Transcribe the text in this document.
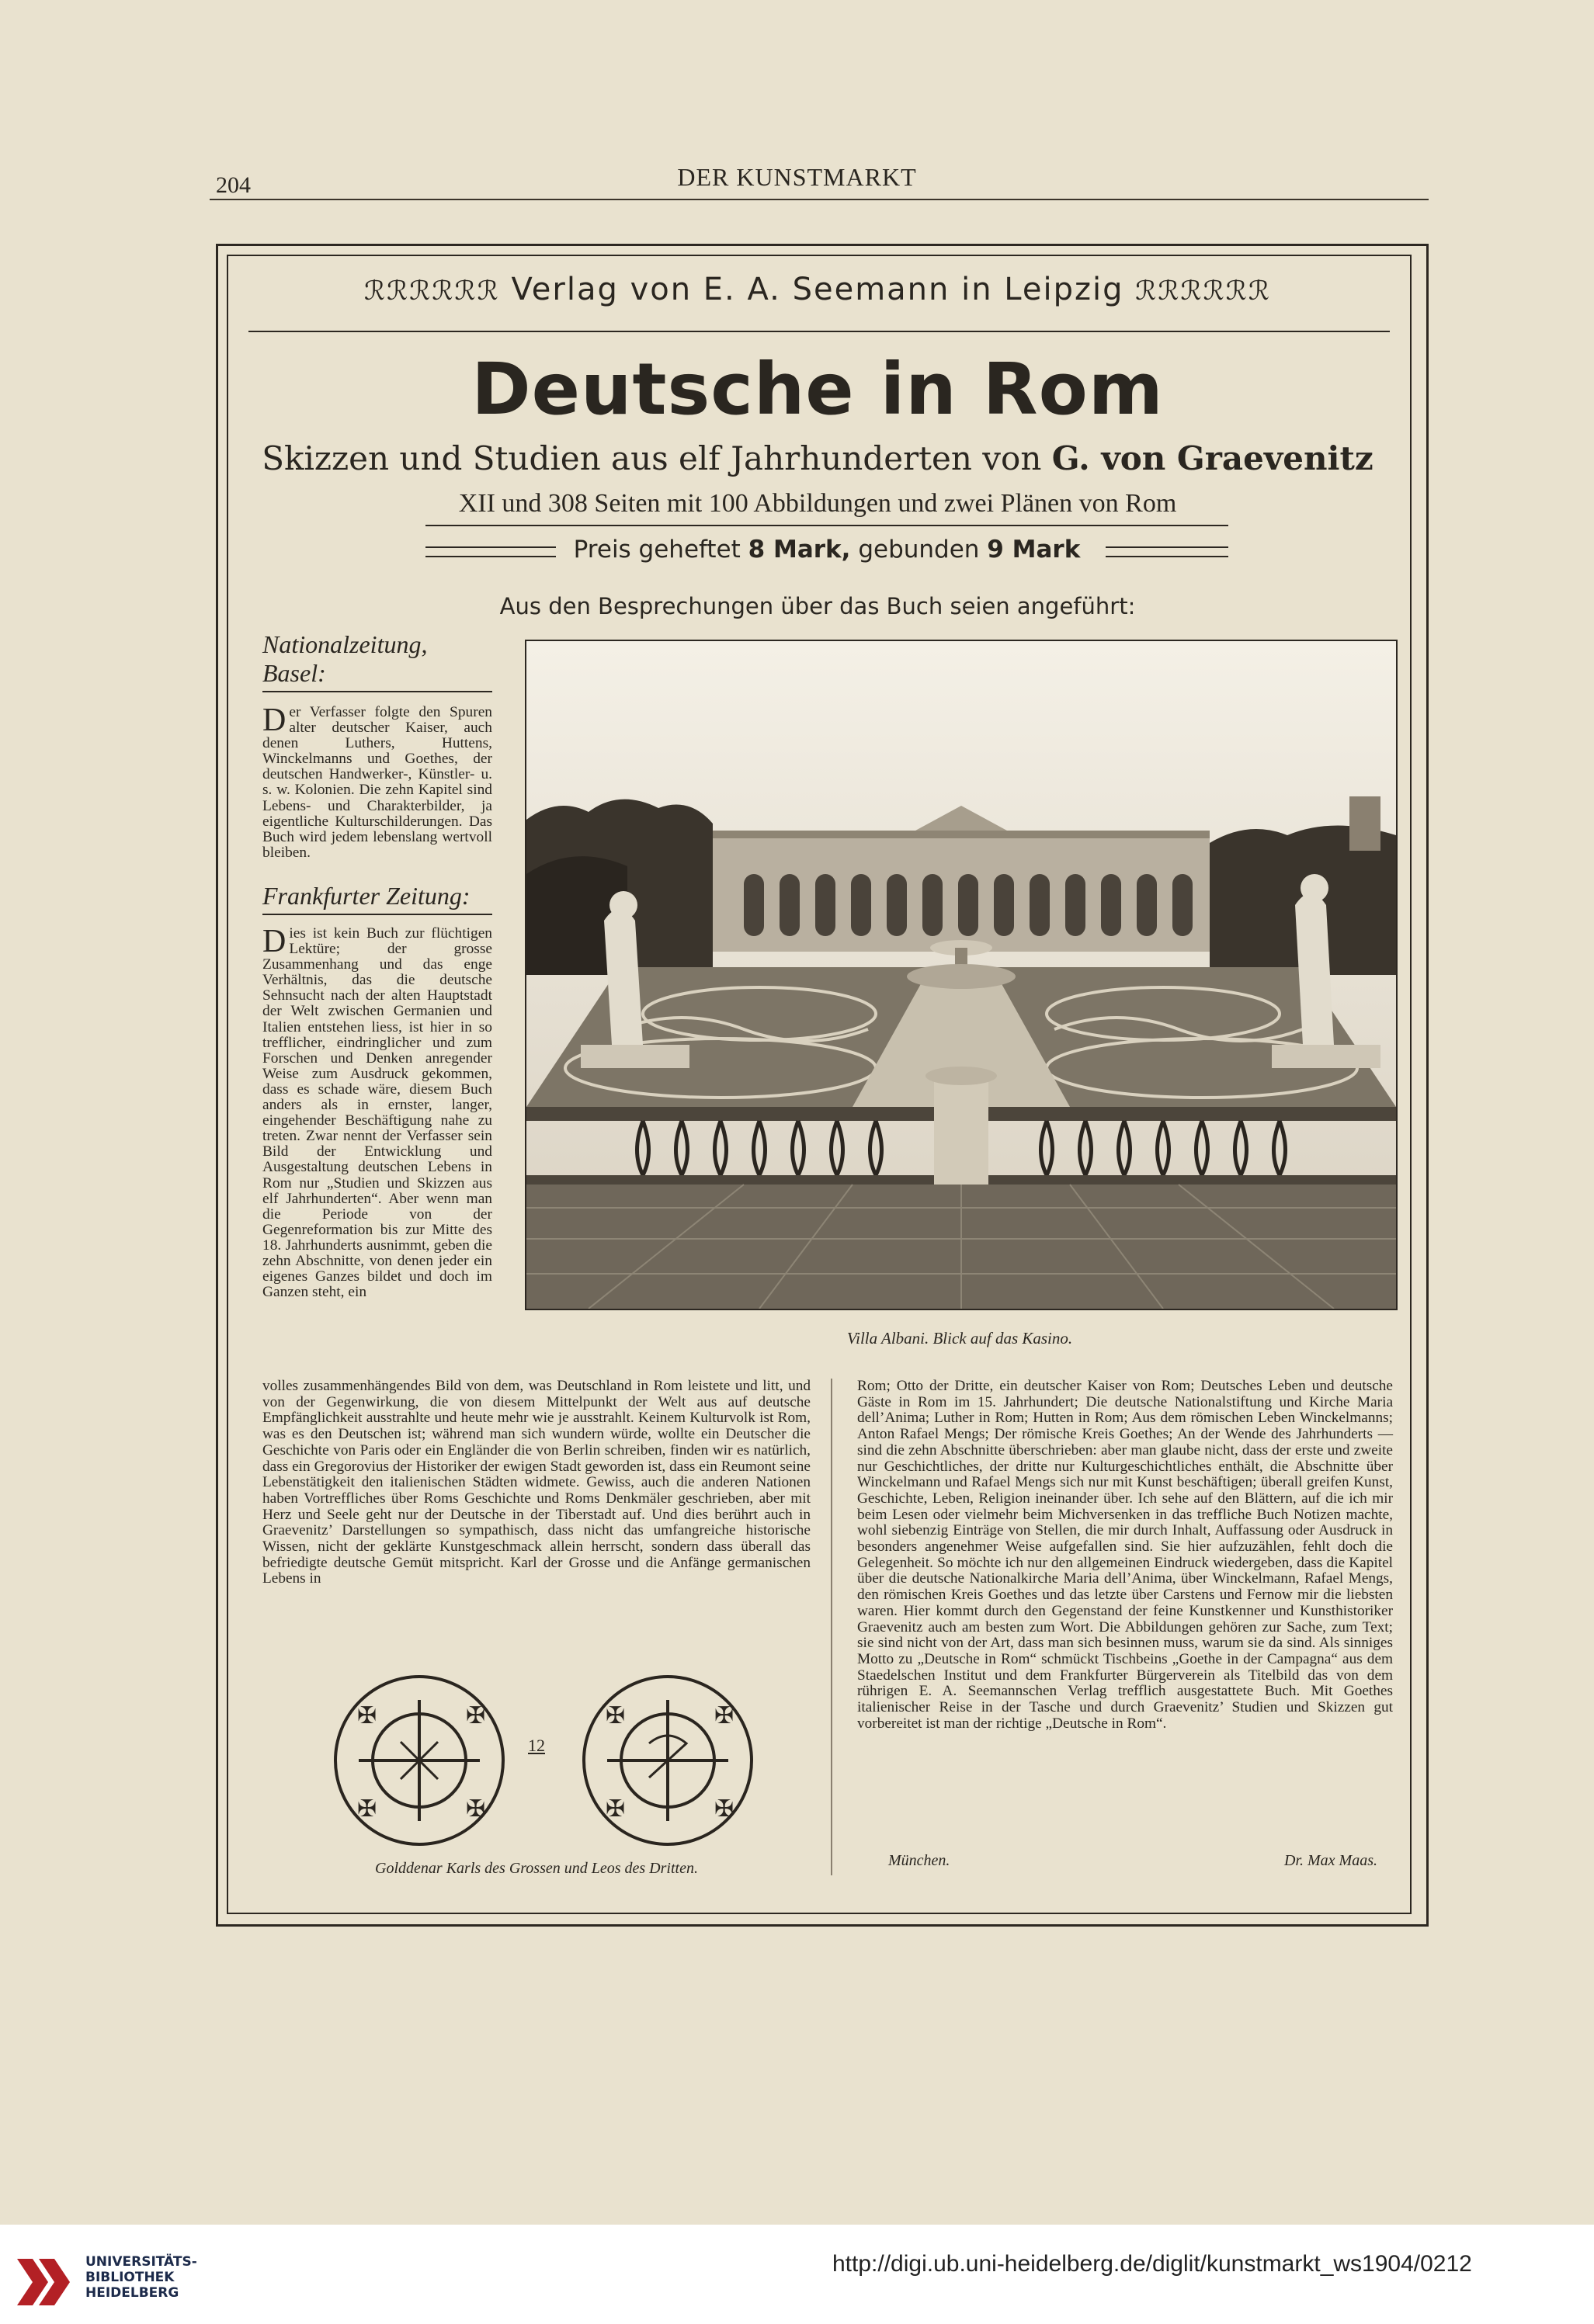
204	DER KUNSTMARKT
ℛℛℛℛℛℛ Verlag von E. A. Seemann in Leipzig ℛℛℛℛℛℛ
Deutsche in Rom
Skizzen und Studien aus elf Jahrhunderten von G. von Graevenitz
XII und 308 Seiten mit 100 Abbildungen und zwei Plänen von Rom
Preis geheftet 8 Mark, gebunden 9 Mark
Aus den Besprechungen über das Buch seien angeführt:
Nationalzeitung, Basel:
Der Verfasser folgte den Spuren alter deutscher Kaiser, auch denen Luthers, Huttens, Winckelmanns und Goethes, der deutschen Handwerker-, Künstler- u. s. w. Kolonien. Die zehn Kapitel sind Lebens- und Charakterbilder, ja eigentliche Kulturschilderungen. Das Buch wird jedem lebenslang wertvoll bleiben.
Frankfurter Zeitung:
Dies ist kein Buch zur flüchtigen Lektüre; der grosse Zusammenhang und das enge Verhältnis, das die deutsche Sehnsucht nach der alten Hauptstadt der Welt zwischen Germanien und Italien entstehen liess, ist hier in so trefflicher, eindringlicher und zum Forschen und Denken anregender Weise zum Ausdruck gekommen, dass es schade wäre, diesem Buch anders als in ernster, langer, eingehender Beschäftigung nahe zu treten. Zwar nennt der Verfasser sein Bild der Entwicklung und Ausgestaltung deutschen Lebens in Rom nur „Studien und Skizzen aus elf Jahrhunderten“. Aber wenn man die Periode von der Gegenreformation bis zur Mitte des 18. Jahrhunderts ausnimmt, geben die zehn Abschnitte, von denen jeder ein eigenes Ganzes bildet und doch im Ganzen steht, ein
Villa Albani. Blick auf das Kasino.
volles zusammenhängendes Bild von dem, was Deutschland in Rom leistete und litt, und von der Gegenwirkung, die von diesem Mittelpunkt der Welt aus auf deutsche Empfänglichkeit ausstrahlte und heute mehr wie je ausstrahlt. Keinem Kulturvolk ist Rom, was es den Deutschen ist; während man sich wundern würde, wollte ein Deutscher die Geschichte von Paris oder ein Engländer die von Berlin schreiben, finden wir es natürlich, dass ein Gregorovius der Historiker der ewigen Stadt geworden ist, dass ein Reumont seine Lebenstätigkeit den italienischen Städten widmete. Gewiss, auch die anderen Nationen haben Vortreffliches über Roms Geschichte und Roms Denkmäler geschrieben, aber mit Herz und Seele geht nur der Deutsche in der Tiberstadt auf. Und dies berührt auch in Graevenitz’ Darstellungen so sympathisch, dass nicht das umfangreiche historische Wissen, nicht der geklärte Kunstgeschmack allein herrscht, sondern dass überall das befriedigte deutsche Gemüt mitspricht. Karl der Grosse und die Anfänge germanischen Lebens in
Rom; Otto der Dritte, ein deutscher Kaiser von Rom; Deutsches Leben und deutsche Gäste in Rom im 15. Jahrhundert; Die deutsche Nationalstiftung und Kirche Maria dell’Anima; Luther in Rom; Hutten in Rom; Aus dem römischen Leben Winckelmanns; Anton Rafael Mengs; Der römische Kreis Goethes; An der Wende des Jahrhunderts — sind die zehn Abschnitte überschrieben: aber man glaube nicht, dass der erste und zweite nur Geschichtliches, der dritte nur Kulturgeschichtliches enthält, die Abschnitte über Winckelmann und Rafael Mengs sich nur mit Kunst beschäftigen; überall greifen Kunst, Geschichte, Leben, Religion ineinander über. Ich sehe auf den Blättern, auf die ich mir beim Lesen oder vielmehr beim Michversenken in das treffliche Buch Notizen machte, wohl siebenzig Einträge von Stellen, die mir durch Inhalt, Auffassung oder Ausdruck in besonders angenehmer Weise aufgefallen sind. Sie hier aufzuzählen, fehlt doch die Gelegenheit. So möchte ich nur den allgemeinen Eindruck wiedergeben, dass die Kapitel über die deutsche Nationalkirche Maria dell’Anima, über Winckelmann, Rafael Mengs, den römischen Kreis Goethes und das letzte über Carstens und Fernow mir die liebsten waren. Hier kommt durch den Gegenstand der feine Kunstkenner und Kunsthistoriker Graevenitz auch am besten zum Wort. Die Abbildungen gehören zur Sache, zum Text; sie sind nicht von der Art, dass man sich besinnen muss, warum sie da sind. Als sinniges Motto zu „Deutsche in Rom“ schmückt Tischbeins „Goethe in der Campagna“ aus dem Staedelschen Institut und dem Frankfurter Bürgerverein als Titelbild das von dem rührigen E. A. Seemannschen Verlag trefflich ausgestattete Buch. Mit Goethes italienischer Reise in der Tasche und durch Graevenitz’ Studien und Skizzen gut vorbereitet ist man der richtige „Deutsche in Rom“.
München.	Dr. Max Maas.
✠	✠
✠	✠
✠	✠
✠	✠
12
Golddenar Karls des Grossen und Leos des Dritten.
UNIVERSITÄTS-
BIBLIOTHEK
HEIDELBERG
http://digi.ub.uni-heidelberg.de/diglit/kunstmarkt_ws1904/0212
